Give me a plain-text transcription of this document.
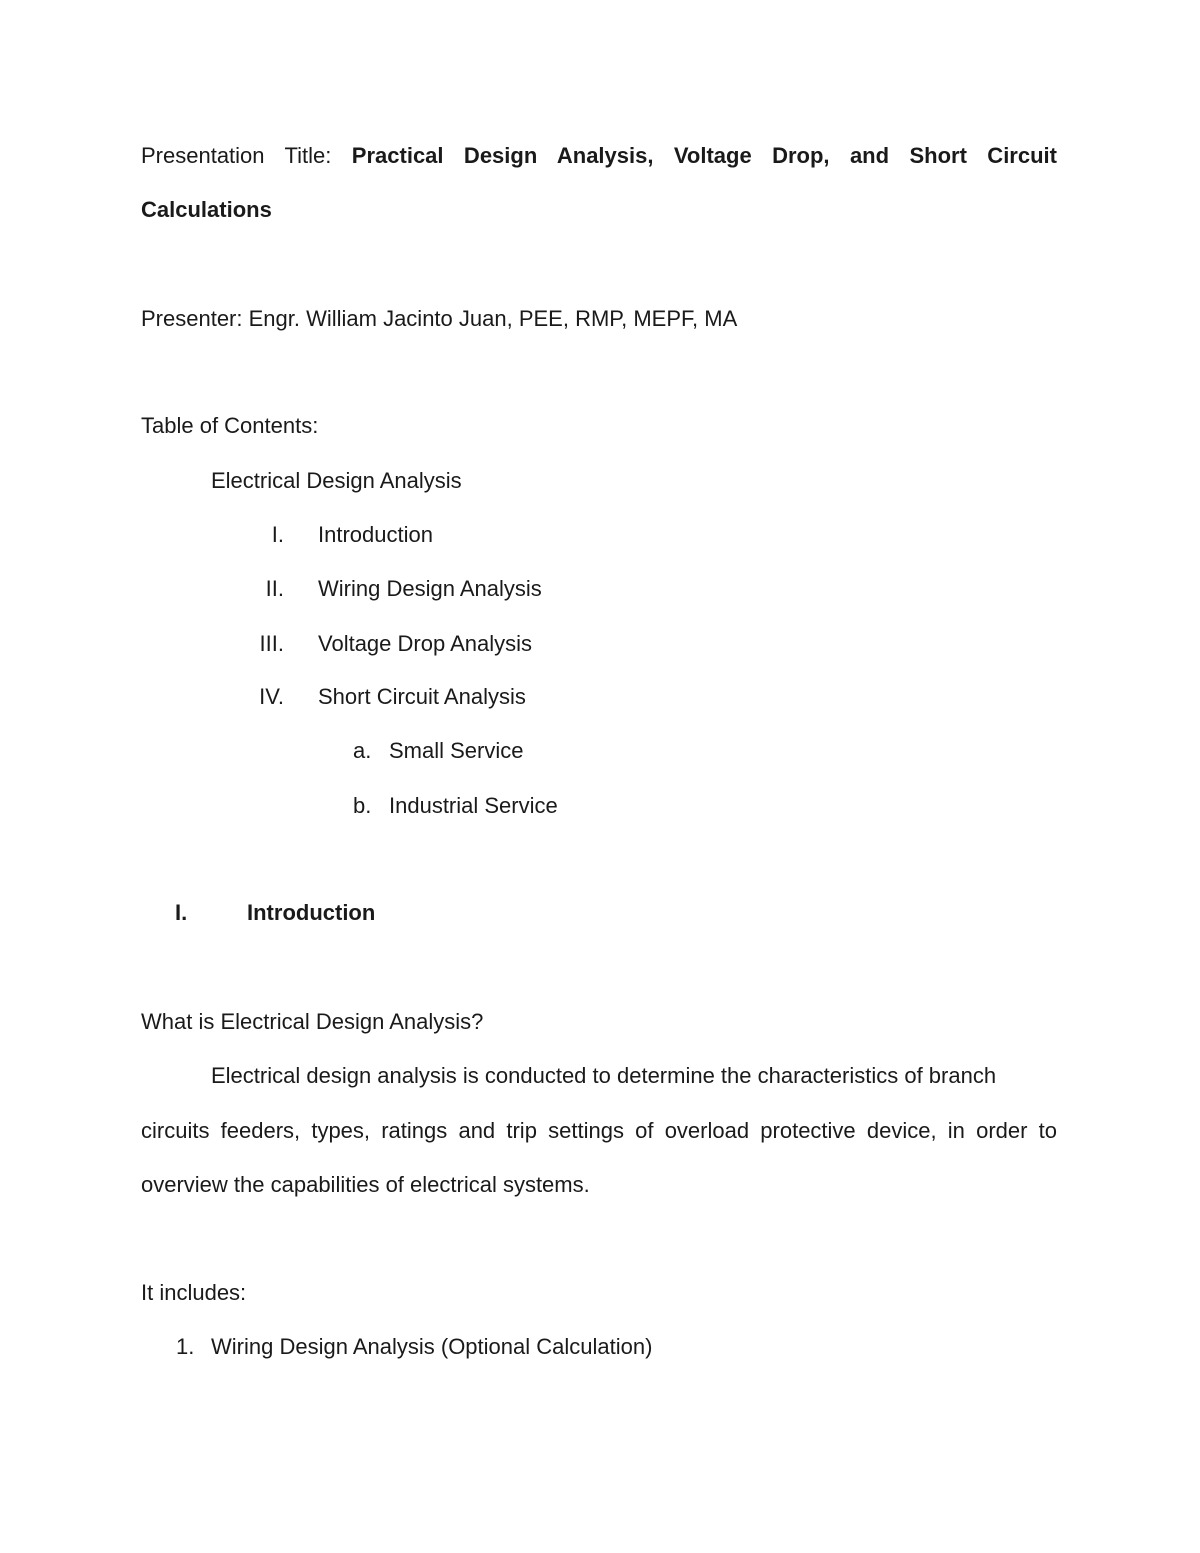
Presentation Title: Practical Design Analysis, Voltage Drop, and Short Circuit
Calculations
Presenter: Engr. William Jacinto Juan, PEE, RMP, MEPF, MA
Table of Contents:
Electrical Design Analysis
I. Introduction
II. Wiring Design Analysis
III. Voltage Drop Analysis
IV. Short Circuit Analysis
a. Small Service
b. Industrial Service
I.	Introduction
What is Electrical Design Analysis?
Electrical design analysis is conducted to determine the characteristics of branch
circuits feeders, types, ratings and trip settings of overload protective device, in order to
overview the capabilities of electrical systems.
It includes:
1. Wiring Design Analysis (Optional Calculation)
